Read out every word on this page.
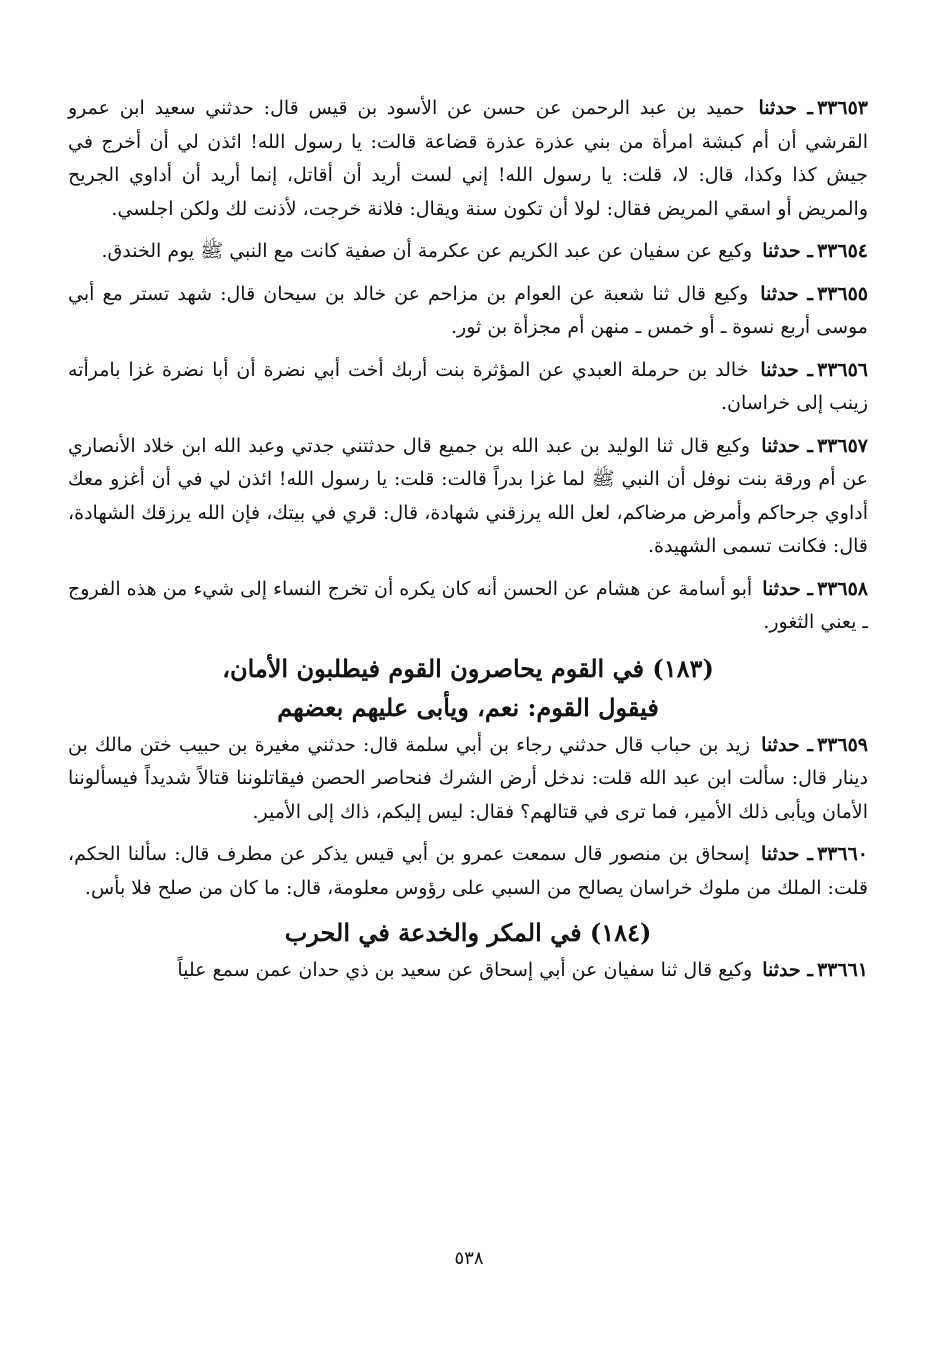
٣٣٦٥٣ـ حدثنا حميد بن عبد الرحمن عن حسن عن الأسود بن قيس قال: حدثني سعيد ابن عمرو القرشي أن أم كبشة امرأة من بني عذرة عذرة قضاعة قالت: يا رسول الله! ائذن لي أن أخرج في جيش كذا وكذا، قال: لا، قلت: يا رسول الله! إني لست أريد أن أقاتل، إنما أريد أن أداوي الجريح والمريض أو اسقي المريض فقال: لولا أن تكون سنة ويقال: فلانة خرجت، لأذنت لك ولكن اجلسي.

٣٣٦٥٤ـ حدثنا وكيع عن سفيان عن عبد الكريم عن عكرمة أن صفية كانت مع النبي ﷺ يوم الخندق.

٣٣٦٥٥ـ حدثنا وكيع قال ثنا شعبة عن العوام بن مزاحم عن خالد بن سيحان قال: شهد تستر مع أبي موسى أربع نسوة ـ أو خمس ـ منهن أم مجزأة بن ثور.

٣٣٦٥٦ـ حدثنا خالد بن حرملة العبدي عن المؤثرة بنت أربك أخت أبي نضرة أن أبا نضرة غزا بامرأته زينب إلى خراسان.

٣٣٦٥٧ـ حدثنا وكيع قال ثنا الوليد بن عبد الله بن جميع قال حدثتني جدتي وعبد الله ابن خلاد الأنصاري عن أم ورقة بنت نوفل أن النبي ﷺ لما غزا بدراً قالت: قلت: يا رسول الله! ائذن لي في أن أغزو معك أداوي جرحاكم وأمرض مرضاكم، لعل الله يرزقني شهادة، قال: قري في بيتك، فإن الله يرزقك الشهادة، قال: فكانت تسمى الشهيدة.

٣٣٦٥٨ـ حدثنا أبو أسامة عن هشام عن الحسن أنه كان يكره أن تخرج النساء إلى شيء من هذه الفروج ـ يعني الثغور.

(١٨٣) في القوم يحاصرون القوم فيطلبون الأمان،
فيقول القوم: نعم، ويأبى عليهم بعضهم

٣٣٦٥٩ـ حدثنا زيد بن حباب قال حدثني رجاء بن أبي سلمة قال: حدثني مغيرة بن حبيب ختن مالك بن دينار قال: سألت ابن عبد الله قلت: ندخل أرض الشرك فنحاصر الحصن فيقاتلوننا قتالاً شديداً فيسألوننا الأمان ويأبى ذلك الأمير، فما ترى في قتالهم؟ فقال: ليس إليكم، ذاك إلى الأمير.

٣٣٦٦٠ـ حدثنا إسحاق بن منصور قال سمعت عمرو بن أبي قيس يذكر عن مطرف قال: سألنا الحكم، قلت: الملك من ملوك خراسان يصالح من السبي على رؤوس معلومة، قال: ما كان من صلح فلا بأس.

(١٨٤) في المكر والخدعة في الحرب

٣٣٦٦١ـ حدثنا وكيع قال ثنا سفيان عن أبي إسحاق عن سعيد بن ذي حدان عمن سمع علياً

٥٣٨
